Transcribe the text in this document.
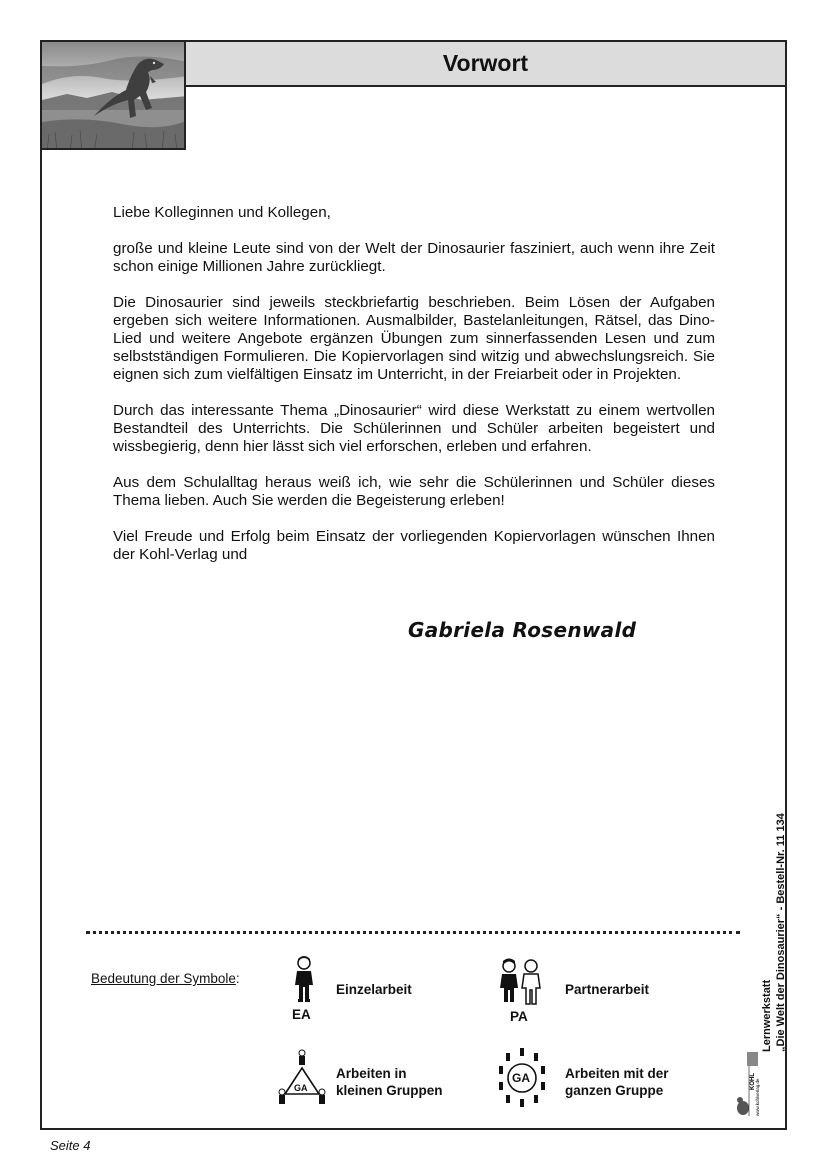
Vorwort

Liebe Kolleginnen und Kollegen,

große und kleine Leute sind von der Welt der Dinosaurier fasziniert, auch wenn ihre Zeit schon einige Millionen Jahre zurückliegt.

Die Dinosaurier sind jeweils steckbriefartig beschrieben. Beim Lösen der Aufgaben ergeben sich weitere Informationen. Ausmalbilder, Bastelanleitungen, Rätsel, das Dino-Lied und weitere Angebote ergänzen Übungen zum sinnerfassenden Lesen und zum selbstständigen Formulieren. Die Kopiervorlagen sind witzig und abwechslungsreich. Sie eignen sich zum vielfältigen Einsatz im Unterricht, in der Freiarbeit oder in Projekten.

Durch das interessante Thema „Dinosaurier“ wird diese Werkstatt zu einem wertvollen Bestandteil des Unterrichts. Die Schülerinnen und Schüler arbeiten begeistert und wissbegierig, denn hier lässt sich viel erforschen, erleben und erfahren.

Aus dem Schulalltag heraus weiß ich, wie sehr die Schülerinnen und Schüler dieses Thema lieben. Auch Sie werden die Begeisterung erleben!

Viel Freude und Erfolg beim Einsatz der vorliegenden Kopiervorlagen wünschen Ihnen der Kohl-Verlag und

Gabriela Rosenwald
Bedeutung der Symbole:
EA
Einzelarbeit
PA
Partnerarbeit
GA
Arbeiten in
kleinen Gruppen
GA	Arbeiten mit der
ganzen Gruppe
Lernwerkstatt „Die Welt der Dinosaurier“ - Bestell-Nr. 11 134
KOHL www.kohlverlag.de
Seite 4
